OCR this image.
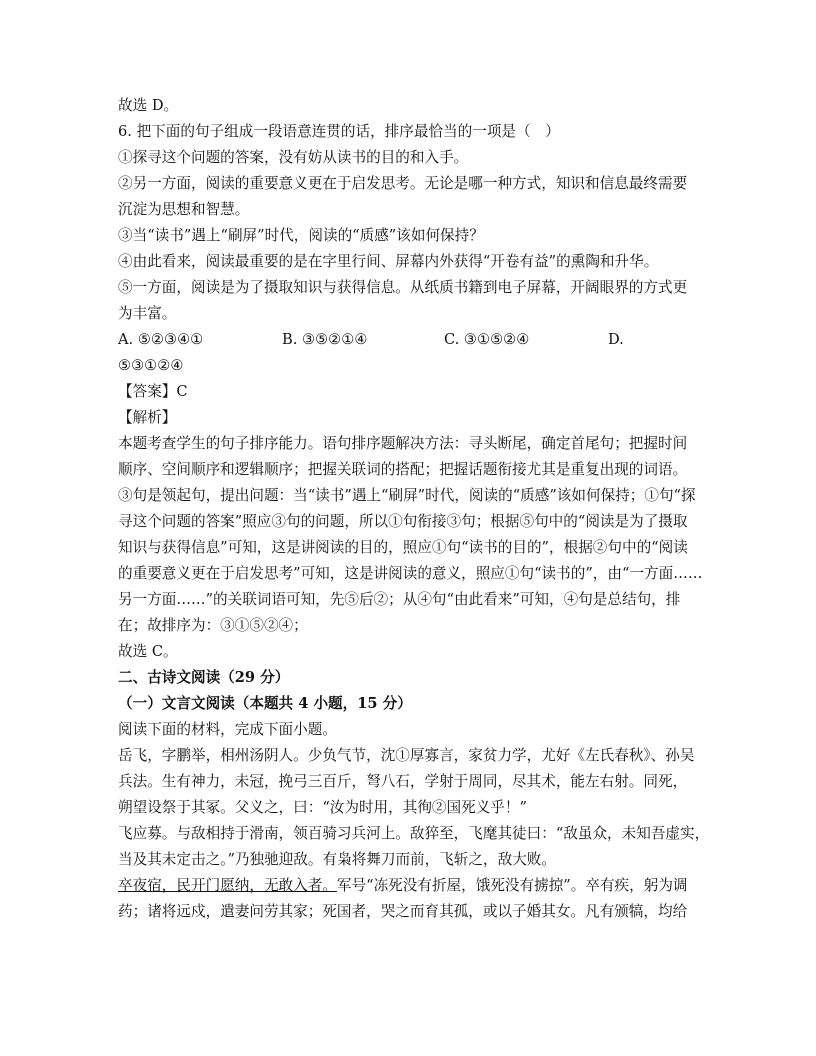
故选 D。
6. 把下面的句子组成一段语意连贯的话，排序最恰当的一项是（　）
①探寻这个问题的答案，没有妨从读书的目的和入手。
②另一方面，阅读的重要意义更在于启发思考。无论是哪一种方式，知识和信息最终需要
沉淀为思想和智慧。
③当“读书”遇上“刷屏”时代，阅读的“质感”该如何保持？
④由此看来，阅读最重要的是在字里行间、屏幕内外获得“开卷有益”的熏陶和升华。
⑤一方面，阅读是为了摄取知识与获得信息。从纸质书籍到电子屏幕，开阔眼界的方式更
为丰富。
A. ⑤②③④①	B. ③⑤②①④	C. ③①⑤②④	D.
⑤③①②④
【答案】C
【解析】
本题考查学生的句子排序能力。语句排序题解决方法：寻头断尾，确定首尾句；把握时间
顺序、空间顺序和逻辑顺序；把握关联词的搭配；把握话题衔接尤其是重复出现的词语。
③句是领起句，提出问题：当“读书”遇上“刷屏”时代，阅读的“质感”该如何保持；①句“探
寻这个问题的答案”照应③句的问题，所以①句衔接③句；根据⑤句中的“阅读是为了摄取
知识与获得信息”可知，这是讲阅读的目的，照应①句“读书的目的”，根据②句中的“阅读
的重要意义更在于启发思考”可知，这是讲阅读的意义，照应①句“读书的”，由“一方面……
另一方面……”的关联词语可知，先⑤后②；从④句“由此看来”可知，④句是总结句，排
在；故排序为：③①⑤②④；
故选 C。
二、古诗文阅读（29 分）
（一）文言文阅读（本题共 4 小题，15 分）
阅读下面的材料，完成下面小题。
岳飞，字鹏举，相州汤阴人。少负气节，沈①厚寡言，家贫力学，尤好《左氏春秋》、孙吴
兵法。生有神力，未冠，挽弓三百斤，弩八石，学射于周同，尽其术，能左右射。同死，
朔望设祭于其冢。父义之，曰：“汝为时用，其徇②国死义乎！”
飞应募。与敌相持于滑南，领百骑习兵河上。敌猝至，飞麾其徒曰：“敌虽众，未知吾虚实，
当及其未定击之。”乃独驰迎敌。有枭将舞刀而前，飞斩之，敌大败。
卒夜宿，民开门愿纳，无敢入者。军号“冻死没有折屋，饿死没有掳掠”。卒有疾，躬为调
药；诸将远戍，遣妻问劳其家；死国者，哭之而育其孤，或以子婚其女。凡有颁犒，均给
